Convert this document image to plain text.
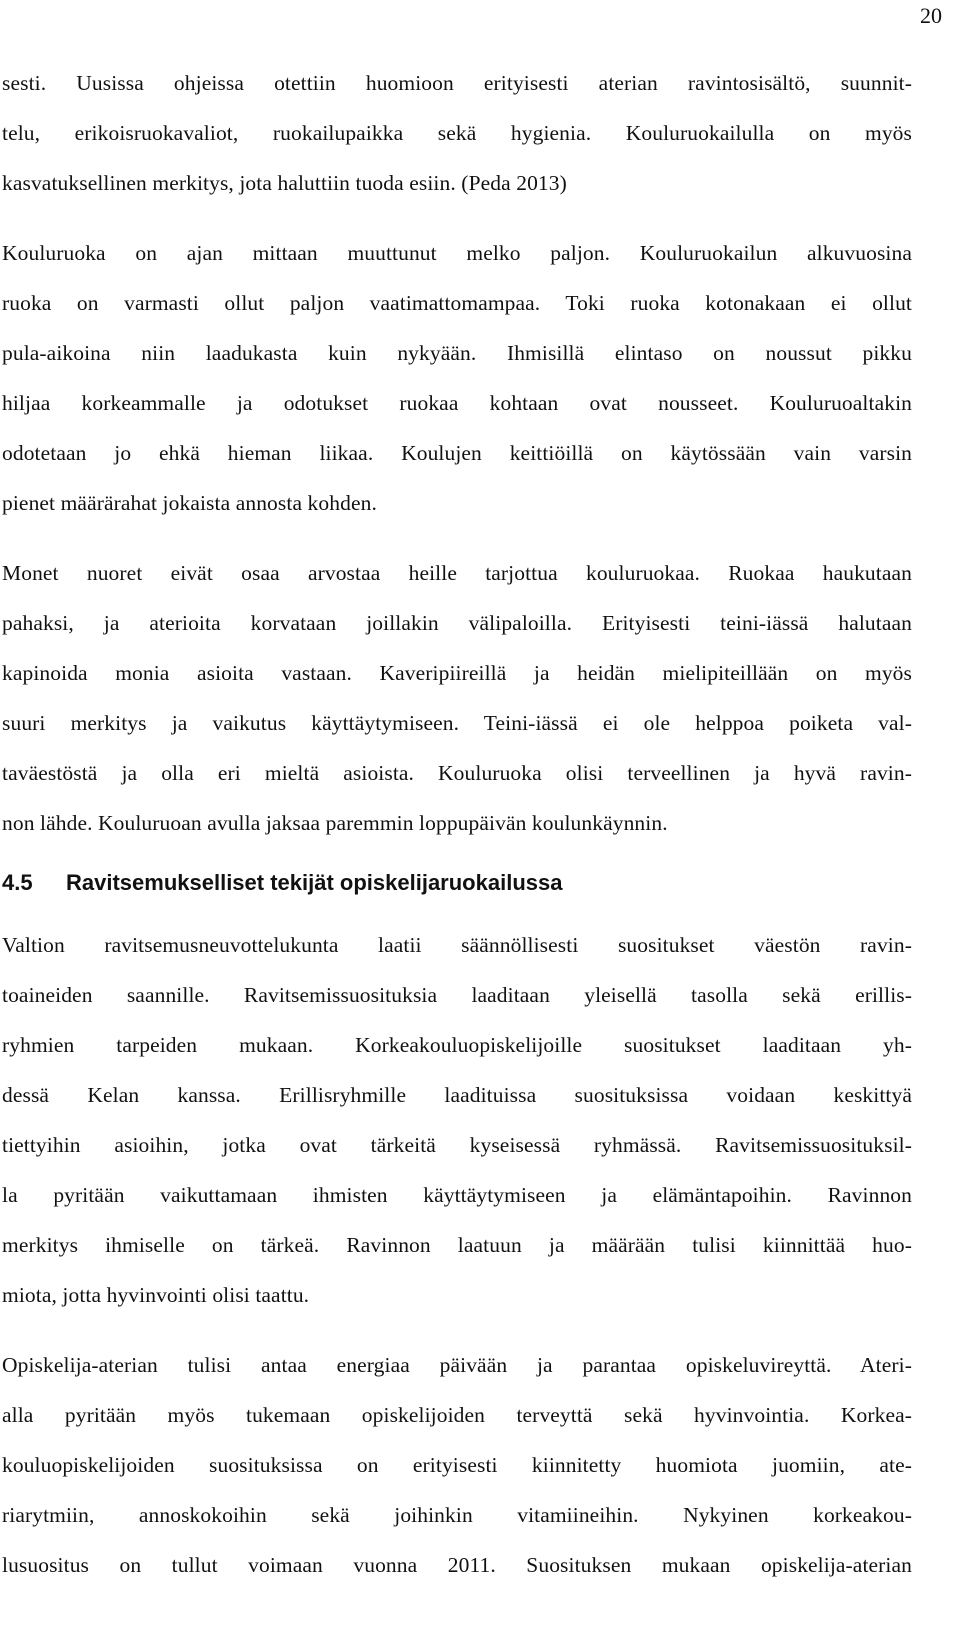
20
sesti. Uusissa ohjeissa otettiin huomioon erityisesti aterian ravintosisältö, suunnit-
telu, erikoisruokavaliot, ruokailupaikka sekä hygienia. Kouluruokailulla on myös
kasvatuksellinen merkitys, jota haluttiin tuoda esiin. (Peda 2013)
Kouluruoka on ajan mittaan muuttunut melko paljon. Kouluruokailun alkuvuosina
ruoka on varmasti ollut paljon vaatimattomampaa. Toki ruoka kotonakaan ei ollut
pula-aikoina niin laadukasta kuin nykyään. Ihmisillä elintaso on noussut pikku
hiljaa korkeammalle ja odotukset ruokaa kohtaan ovat nousseet. Kouluruoaltakin
odotetaan jo ehkä hieman liikaa. Koulujen keittiöillä on käytössään vain varsin
pienet määrärahat jokaista annosta kohden.
Monet nuoret eivät osaa arvostaa heille tarjottua kouluruokaa. Ruokaa haukutaan
pahaksi, ja aterioita korvataan joillakin välipaloilla. Erityisesti teini-iässä halutaan
kapinoida monia asioita vastaan. Kaveripiireillä ja heidän mielipiteillään on myös
suuri merkitys ja vaikutus käyttäytymiseen. Teini-iässä ei ole helppoa poiketa val-
taväestöstä ja olla eri mieltä asioista. Kouluruoka olisi terveellinen ja hyvä ravin-
non lähde. Kouluruoan avulla jaksaa paremmin loppupäivän koulunkäynnin.
4.5 Ravitsemukselliset tekijät opiskelijaruokailussa
Valtion ravitsemusneuvottelukunta laatii säännöllisesti suositukset väestön ravin-
toaineiden saannille. Ravitsemissuosituksia laaditaan yleisellä tasolla sekä erillis-
ryhmien tarpeiden mukaan. Korkeakouluopiskelijoille suositukset laaditaan yh-
dessä Kelan kanssa. Erillisryhmille laadituissa suosituksissa voidaan keskittyä
tiettyihin asioihin, jotka ovat tärkeitä kyseisessä ryhmässä. Ravitsemissuosituksil-
la pyritään vaikuttamaan ihmisten käyttäytymiseen ja elämäntapoihin. Ravinnon
merkitys ihmiselle on tärkeä. Ravinnon laatuun ja määrään tulisi kiinnittää huo-
miota, jotta hyvinvointi olisi taattu.
Opiskelija-aterian tulisi antaa energiaa päivään ja parantaa opiskeluvireyttä. Ateri-
alla pyritään myös tukemaan opiskelijoiden terveyttä sekä hyvinvointia. Korkea-
kouluopiskelijoiden suosituksissa on erityisesti kiinnitetty huomiota juomiin, ate-
riarytmiin, annoskokoihin sekä joihinkin vitamiineihin. Nykyinen korkeakou-
lusuositus on tullut voimaan vuonna 2011. Suosituksen mukaan opiskelija-aterian
